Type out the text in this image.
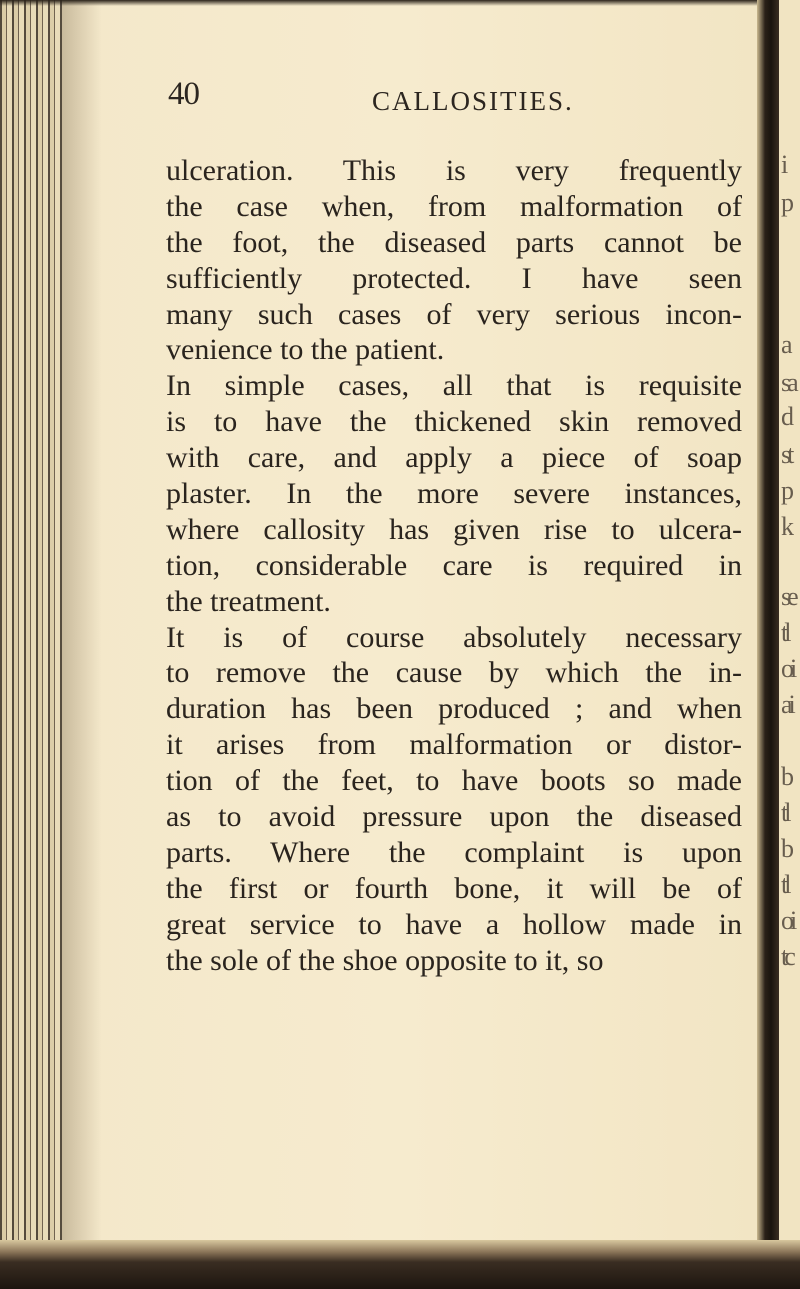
i
p
a
sa
d
st
p
k
se
tl
oi
ai
b
tl
b
tl
oi
tc
40	CALLOSITIES.
ulceration. This is very frequently
the case when, from malformation of
the foot, the diseased parts cannot be
sufficiently protected. I have seen
many such cases of very serious incon-
venience to the patient.
In simple cases, all that is requisite
is to have the thickened skin removed
with care, and apply a piece of soap
plaster. In the more severe instances,
where callosity has given rise to ulcera-
tion, considerable care is required in
the treatment.
It is of course absolutely necessary
to remove the cause by which the in-
duration has been produced ; and when
it arises from malformation or distor-
tion of the feet, to have boots so made
as to avoid pressure upon the diseased
parts. Where the complaint is upon
the first or fourth bone, it will be of
great service to have a hollow made in
the sole of the shoe opposite to it, so
